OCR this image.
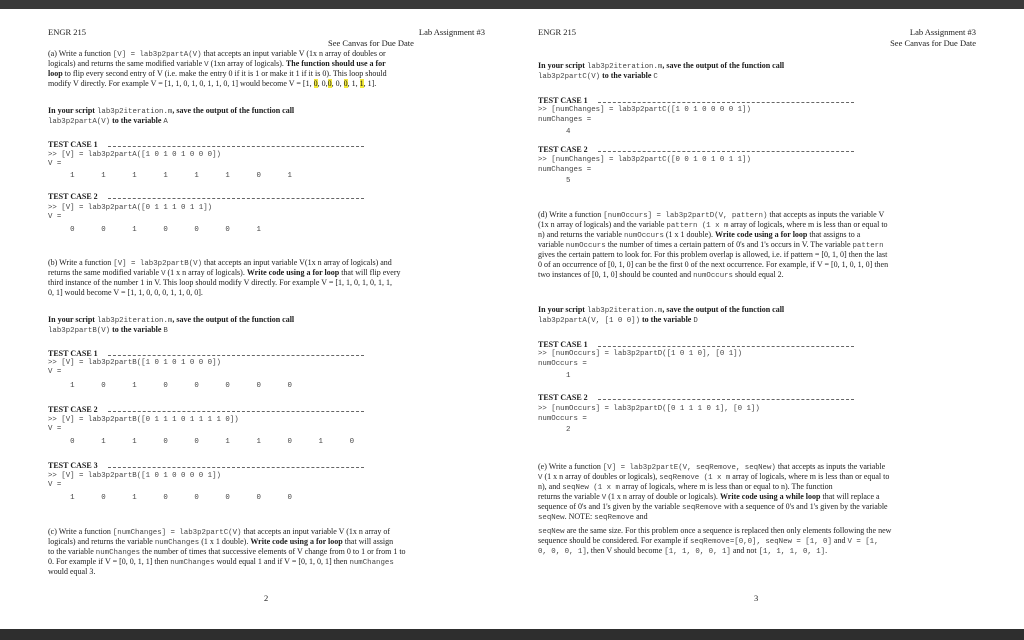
ENGR 215	Lab Assignment #3
See Canvas for Due Date

(a) Write a function [V] = lab3p2partA(V) that accepts an input variable V (1x n array of doubles or

logicals) and returns the same modified variable V (1xn array of logicals). The function should use a for

loop to flip every second entry of V (i.e. make the entry 0 if it is 1 or make it 1 if it is 0). This loop should

modify V directly. For example V = [1, 1, 0, 1, 0, 1, 1, 0, 1] would become V = [1, 0, 0,0, 0, 0, 1, 1, 1].

In your script lab3p2iteration.m, save the output of the function call

lab3p2partA(V) to the variable A

TEST CASE 1
>> [V] = lab3p2partA([1 0 1 0 1 0 0 0])
V =
1      1      1      1      1      1      0      1
TEST CASE 2
>> [V] = lab3p2partA([0 1 1 1 0 1 1])
V =
0      0      1      0      0      0      1

(b) Write a function [V] = lab3p2partB(V) that accepts an input variable V(1x n array of logicals) and

returns the same modified variable V (1 x n array of logicals). Write code using a for loop that will flip every

third instance of the number 1 in V. This loop should modify V directly. For example V = [1, 1, 0, 1, 0, 1, 1,

0, 1] would become V = [1, 1, 0, 0, 0, 1, 1, 0, 0].

In your script lab3p2iteration.m, save the output of the function call

lab3p2partB(V) to the variable B

TEST CASE 1
>> [V] = lab3p2partB([1 0 1 0 1 0 0 0])
V =
1      0      1      0      0      0      0      0
TEST CASE 2
>> [V] = lab3p2partB([0 1 1 1 0 1 1 1 1 0])
V =
0      1      1      0      0      1      1      0      1      0
TEST CASE 3
>> [V] = lab3p2partB([1 0 1 0 0 0 0 1])
V =
1      0      1      0      0      0      0      0

(c) Write a function [numChanges] = lab3p2partC(V) that accepts an input variable V (1x n array of

logicals) and returns the variable numChanges (1 x 1 double). Write code using a for loop that will assign

to the variable numChanges the number of times that successive elements of V change from 0 to 1 or from 1 to

0. For example if V = [0, 0, 1, 1] then numChanges would equal 1 and if V = [0, 1, 0, 1] then numChanges

would equal 3.

2
ENGR 215	Lab Assignment #3
See Canvas for Due Date

In your script lab3p2iteration.m, save the output of the function call

lab3p2partC(V) to the variable C

TEST CASE 1
>> [numChanges] = lab3p2partC([1 0 1 0 0 0 0 1])
numChanges =
4
TEST CASE 2
>> [numChanges] = lab3p2partC([0 0 1 0 1 0 1 1])
numChanges =
5

(d) Write a function [numOccurs] = lab3p2partD(V, pattern) that accepts as inputs the variable V

(1x n array of logicals) and the variable pattern (1 x m array of logicals, where m is less than or equal to

n) and returns the variable numOccurs (1 x 1 double). Write code using a for loop that assigns to a

variable numOccurs the number of times a certain pattern of 0's and 1's occurs in V. The variable pattern

gives the certain pattern to look for. For this problem overlap is allowed, i.e. if pattern = [0, 1, 0] then the last

0 of an occurrence of [0, 1, 0] can be the first 0 of the next occurrence. For example, if V = [0, 1, 0, 1, 0] then

two instances of [0, 1, 0] should be counted and numOccurs should equal 2.

In your script lab3p2iteration.m, save the output of the function call

lab3p2partA(V, [1 0 0]) to the variable D

TEST CASE 1
>> [numOccurs] = lab3p2partD([1 0 1 0], [0 1])
numOccurs =
1
TEST CASE 2
>> [numOccurs] = lab3p2partD([0 1 1 1 0 1], [0 1])
numOccurs =
2

(e) Write a function [V] = lab3p2partE(V, seqRemove, seqNew) that accepts as inputs the variable

V (1 x n array of doubles or logicals), seqRemove (1 x m array of logicals, where m is less than or equal to

n), and seqNew (1 x m array of logicals, where m is less than or equal to n). The function

returns the variable V (1 x n array of double or logicals). Write code using a while loop that will replace a

sequence of 0's and 1's given by the variable seqRemove with a sequence of 0's and 1's given by the variable

seqNew. NOTE: seqRemove and

seqNew are the same size. For this problem once a sequence is replaced then only elements following the new

sequence should be considered. For example if seqRemove=[0,0], seqNew = [1, 0] and V = [1,

0, 0, 0, 1], then V should become [1, 1, 0, 0, 1] and not [1, 1, 1, 0, 1].

3
